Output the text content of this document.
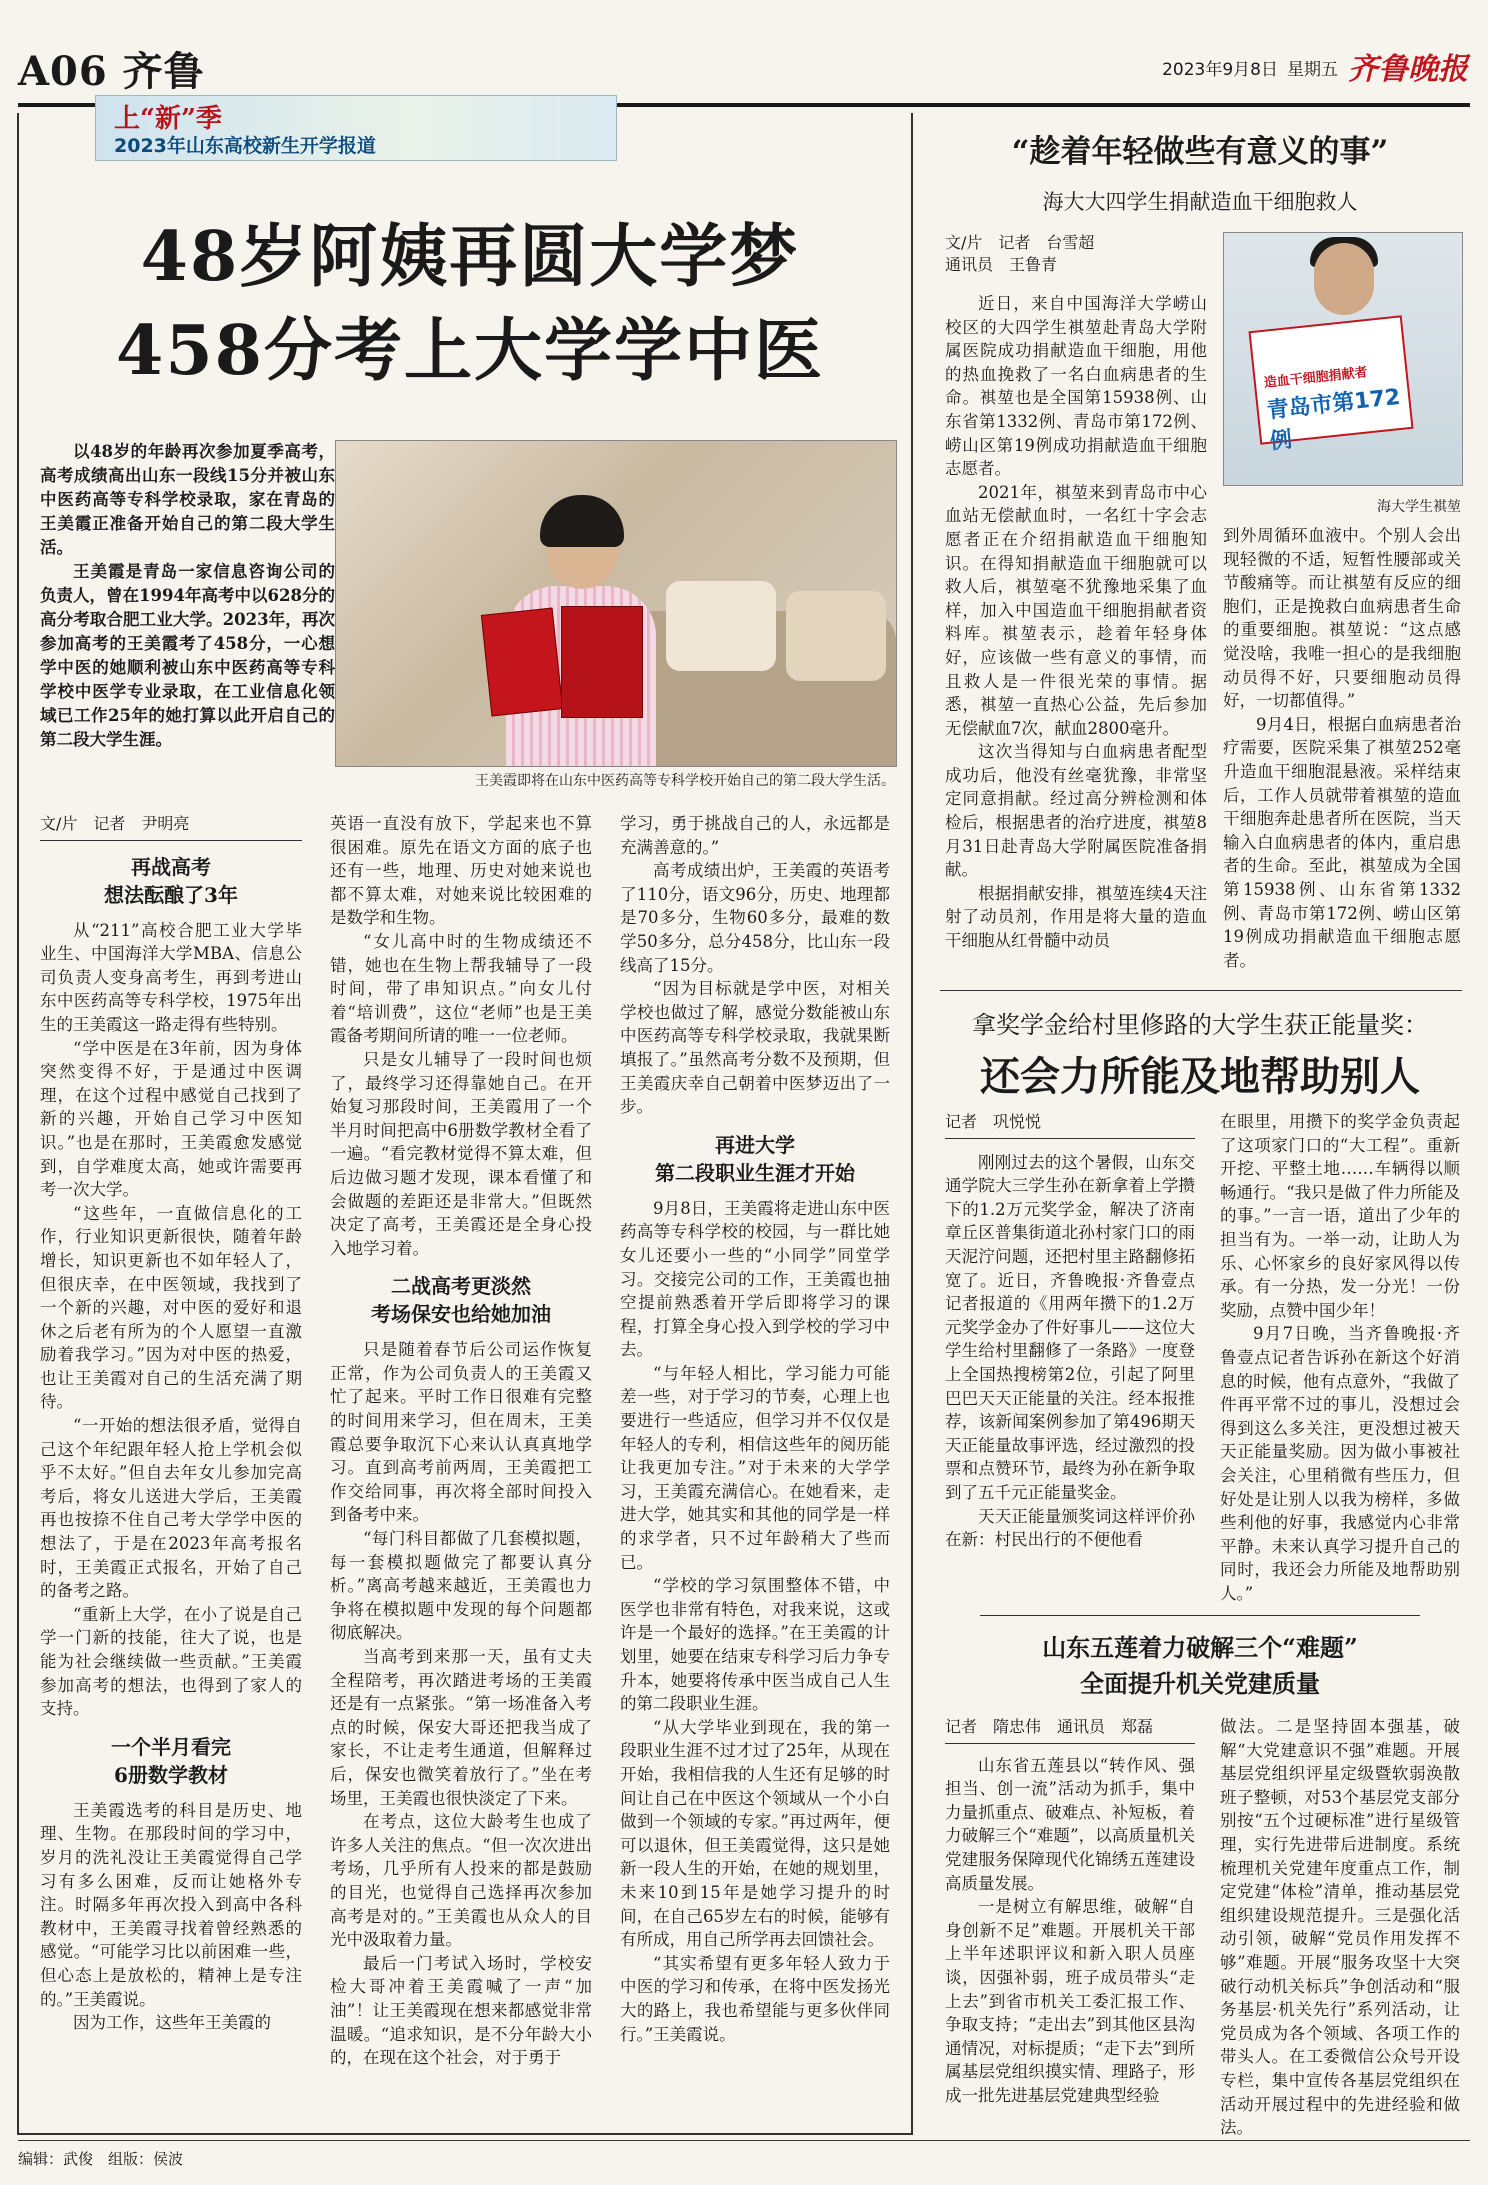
A06 齐鲁	2023年9月8日 星期五 齐鲁晚报
上“新”季
2023年山东高校新生开学报道
48岁阿姨再圆大学梦
458分考上大学学中医

以48岁的年龄再次参加夏季高考，高考成绩高出山东一段线15分并被山东中医药高等专科学校录取，家在青岛的王美霞正准备开始自己的第二段大学生活。

王美霞是青岛一家信息咨询公司的负责人，曾在1994年高考中以628分的高分考取合肥工业大学。2023年，再次参加高考的王美霞考了458分，一心想学中医的她顺利被山东中医药高等专科学校中医学专业录取，在工业信息化领域已工作25年的她打算以此开启自己的第二段大学生涯。

王美霞即将在山东中医药高等专科学校开始自己的第二段大学生活。
文/片　记者　尹明亮
再战高考
想法酝酿了3年

从“211”高校合肥工业大学毕业生、中国海洋大学MBA、信息公司负责人变身高考生，再到考进山东中医药高等专科学校，1975年出生的王美霞这一路走得有些特别。

“学中医是在3年前，因为身体突然变得不好，于是通过中医调理，在这个过程中感觉自己找到了新的兴趣，开始自己学习中医知识。”也是在那时，王美霞愈发感觉到，自学难度太高，她或许需要再考一次大学。

“这些年，一直做信息化的工作，行业知识更新很快，随着年龄增长，知识更新也不如年轻人了，但很庆幸，在中医领域，我找到了一个新的兴趣，对中医的爱好和退休之后老有所为的个人愿望一直激励着我学习。”因为对中医的热爱，也让王美霞对自己的生活充满了期待。

“一开始的想法很矛盾，觉得自己这个年纪跟年轻人抢上学机会似乎不太好。”但自去年女儿参加完高考后，将女儿送进大学后，王美霞再也按捺不住自己考大学学中医的想法了，于是在2023年高考报名时，王美霞正式报名，开始了自己的备考之路。

“重新上大学，在小了说是自己学一门新的技能，往大了说，也是能为社会继续做一些贡献。”王美霞参加高考的想法，也得到了家人的支持。

一个半月看完
6册数学教材

王美霞选考的科目是历史、地理、生物。在那段时间的学习中，岁月的洗礼没让王美霞觉得自己学习有多么困难，反而让她格外专注。时隔多年再次投入到高中各科教材中，王美霞寻找着曾经熟悉的感觉。“可能学习比以前困难一些，但心态上是放松的，精神上是专注的。”王美霞说。

因为工作，这些年王美霞的

英语一直没有放下，学起来也不算很困难。原先在语文方面的底子也还有一些，地理、历史对她来说也都不算太难，对她来说比较困难的是数学和生物。

“女儿高中时的生物成绩还不错，她也在生物上帮我辅导了一段时间，带了串知识点。”向女儿付着“培训费”，这位“老师”也是王美霞备考期间所请的唯一一位老师。

只是女儿辅导了一段时间也烦了，最终学习还得靠她自己。在开始复习那段时间，王美霞用了一个半月时间把高中6册数学教材全看了一遍。“看完教材觉得不算太难，但后边做习题才发现，课本看懂了和会做题的差距还是非常大。”但既然决定了高考，王美霞还是全身心投入地学习着。

二战高考更淡然
考场保安也给她加油

只是随着春节后公司运作恢复正常，作为公司负责人的王美霞又忙了起来。平时工作日很难有完整的时间用来学习，但在周末，王美霞总要争取沉下心来认认真真地学习。直到高考前两周，王美霞把工作交给同事，再次将全部时间投入到备考中来。

“每门科目都做了几套模拟题，每一套模拟题做完了都要认真分析。”离高考越来越近，王美霞也力争将在模拟题中发现的每个问题都彻底解决。

当高考到来那一天，虽有丈夫全程陪考，再次踏进考场的王美霞还是有一点紧张。“第一场准备入考点的时候，保安大哥还把我当成了家长，不让走考生通道，但解释过后，保安也微笑着放行了。”坐在考场里，王美霞也很快淡定了下来。

在考点，这位大龄考生也成了许多人关注的焦点。“但一次次进出考场，几乎所有人投来的都是鼓励的目光，也觉得自己选择再次参加高考是对的。”王美霞也从众人的目光中汲取着力量。

最后一门考试入场时，学校安检大哥冲着王美霞喊了一声“加油”！让王美霞现在想来都感觉非常温暖。“追求知识，是不分年龄大小的，在现在这个社会，对于勇于

学习，勇于挑战自己的人，永远都是充满善意的。”

高考成绩出炉，王美霞的英语考了110分，语文96分，历史、地理都是70多分，生物60多分，最难的数学50多分，总分458分，比山东一段线高了15分。

“因为目标就是学中医，对相关学校也做过了解，感觉分数能被山东中医药高等专科学校录取，我就果断填报了。”虽然高考分数不及预期，但王美霞庆幸自己朝着中医梦迈出了一步。

再进大学
第二段职业生涯才开始

9月8日，王美霞将走进山东中医药高等专科学校的校园，与一群比她女儿还要小一些的“小同学”同堂学习。交接完公司的工作，王美霞也抽空提前熟悉着开学后即将学习的课程，打算全身心投入到学校的学习中去。

“与年轻人相比，学习能力可能差一些，对于学习的节奏，心理上也要进行一些适应，但学习并不仅仅是年轻人的专利，相信这些年的阅历能让我更加专注。”对于未来的大学学习，王美霞充满信心。在她看来，走进大学，她其实和其他的同学是一样的求学者，只不过年龄稍大了些而已。

“学校的学习氛围整体不错，中医学也非常有特色，对我来说，这或许是一个最好的选择。”在王美霞的计划里，她要在结束专科学习后力争专升本，她要将传承中医当成自己人生的第二段职业生涯。

“从大学毕业到现在，我的第一段职业生涯不过才过了25年，从现在开始，我相信我的人生还有足够的时间让自己在中医这个领域从一个小白做到一个领域的专家。”再过两年，便可以退休，但王美霞觉得，这只是她新一段人生的开始，在她的规划里，未来10到15年是她学习提升的时间，在自己65岁左右的时候，能够有有所成，用自己所学再去回馈社会。

“其实希望有更多年轻人致力于中医的学习和传承，在将中医发扬光大的路上，我也希望能与更多伙伴同行。”王美霞说。

“趁着年轻做些有意义的事”
海大大四学生捐献造血干细胞救人
文/片　记者　台雪超
通讯员　王鲁青
造血干细胞捐献者
青岛市第172例
海大学生褀堃

近日，来自中国海洋大学崂山校区的大四学生褀堃赴青岛大学附属医院成功捐献造血干细胞，用他的热血挽救了一名白血病患者的生命。褀堃也是全国第15938例、山东省第1332例、青岛市第172例、崂山区第19例成功捐献造血干细胞志愿者。

2021年，褀堃来到青岛市中心血站无偿献血时，一名红十字会志愿者正在介绍捐献造血干细胞知识。在得知捐献造血干细胞就可以救人后，褀堃毫不犹豫地采集了血样，加入中国造血干细胞捐献者资料库。褀堃表示，趁着年轻身体好，应该做一些有意义的事情，而且救人是一件很光荣的事情。据悉，褀堃一直热心公益，先后参加无偿献血7次，献血2800毫升。

这次当得知与白血病患者配型成功后，他没有丝毫犹豫，非常坚定同意捐献。经过高分辨检测和体检后，根据患者的治疗进度，褀堃8月31日赴青岛大学附属医院准备捐献。

根据捐献安排，褀堃连续4天注射了动员剂，作用是将大量的造血干细胞从红骨髓中动员

到外周循环血液中。个别人会出现轻微的不适，短暂性腰部或关节酸痛等。而让褀堃有反应的细胞们，正是挽救白血病患者生命的重要细胞。褀堃说：“这点感觉没啥，我唯一担心的是我细胞动员得不好，只要细胞动员得好，一切都值得。”

9月4日，根据白血病患者治疗需要，医院采集了褀堃252毫升造血干细胞混悬液。采样结束后，工作人员就带着褀堃的造血干细胞奔赴患者所在医院，当天输入白血病患者的体内，重启患者的生命。至此，褀堃成为全国第15938例、山东省第1332例、青岛市第172例、崂山区第19例成功捐献造血干细胞志愿者。

拿奖学金给村里修路的大学生获正能量奖：
还会力所能及地帮助别人
记者　巩悦悦

刚刚过去的这个暑假，山东交通学院大三学生孙在新拿着上学攒下的1.2万元奖学金，解决了济南章丘区普集街道北孙村家门口的雨天泥泞问题，还把村里主路翻修拓宽了。近日，齐鲁晚报·齐鲁壹点记者报道的《用两年攒下的1.2万元奖学金办了件好事儿——这位大学生给村里翻修了一条路》一度登上全国热搜榜第2位，引起了阿里巴巴天天正能量的关注。经本报推荐，该新闻案例参加了第496期天天正能量故事评选，经过激烈的投票和点赞环节，最终为孙在新争取到了五千元正能量奖金。

天天正能量颁奖词这样评价孙在新：村民出行的不便他看

在眼里，用攒下的奖学金负责起了这项家门口的“大工程”。重新开挖、平整土地……车辆得以顺畅通行。“我只是做了件力所能及的事。”一言一语，道出了少年的担当有为。一举一动，让助人为乐、心怀家乡的良好家风得以传承。有一分热，发一分光！一份奖励，点赞中国少年！

9月7日晚，当齐鲁晚报·齐鲁壹点记者告诉孙在新这个好消息的时候，他有点意外，“我做了件再平常不过的事儿，没想过会得到这么多关注，更没想过被天天正能量奖励。因为做小事被社会关注，心里稍微有些压力，但好处是让别人以我为榜样，多做些利他的好事，我感觉内心非常平静。未来认真学习提升自己的同时，我还会力所能及地帮助别人。”

山东五莲着力破解三个“难题”
全面提升机关党建质量
记者　隋忠伟　通讯员　郑磊

山东省五莲县以“转作风、强担当、创一流”活动为抓手，集中力量抓重点、破难点、补短板，着力破解三个“难题”，以高质量机关党建服务保障现代化锦绣五莲建设高质量发展。

一是树立有解思维，破解“自身创新不足”难题。开展机关干部上半年述职评议和新入职人员座谈，因强补弱，班子成员带头“走上去”到省市机关工委汇报工作、争取支持；“走出去”到其他区县沟通情况，对标提质；“走下去”到所属基层党组织摸实情、理路子，形成一批先进基层党建典型经验

做法。二是坚持固本强基，破解“大党建意识不强”难题。开展基层党组织评星定级暨软弱涣散班子整顿，对53个基层党支部分别按“五个过硬标准”进行星级管理，实行先进带后进制度。系统梳理机关党建年度重点工作，制定党建“体检”清单，推动基层党组织建设规范提升。三是强化活动引领，破解“党员作用发挥不够”难题。开展“服务攻坚十大突破行动机关标兵”争创活动和“服务基层·机关先行”系列活动，让党员成为各个领域、各项工作的带头人。在工委微信公众号开设专栏，集中宣传各基层党组织在活动开展过程中的先进经验和做法。

编辑：武俊　组版：侯波
